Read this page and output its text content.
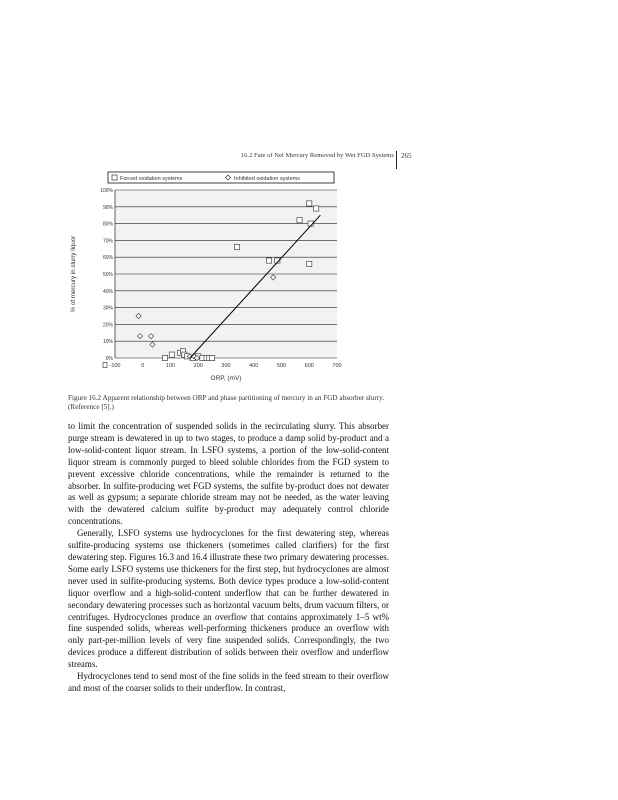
16.2 Fate of Net Mercury Removed by Wet FGD Systems 265
Forced oxidation systems	Inhibited oxidation systems
0%
10%
20%
30%
40%
50%
60%
70%
80%
90%
100%
-100	0	100	200	300	400	500	600	700
% of mercury in slurry liquor
ORP, (mV)
Figure 16.2 Apparent relationship between ORP and phase partitioning of mercury in an FGD absorber slurry. (Reference [5].)

to limit the concentration of suspended solids in the recirculating slurry. This absorber purge stream is dewatered in up to two stages, to produce a damp solid by-product and a low-solid-content liquor stream. In LSFO systems, a portion of the low-solid-content liquor stream is commonly purged to bleed soluble chlorides from the FGD system to prevent excessive chloride concentrations, while the remainder is returned to the absorber. In sulfite-producing wet FGD systems, the sulfite by-product does not dewater as well as gypsum; a separate chloride stream may not be needed, as the water leaving with the dewatered calcium sulfite by-product may adequately control chloride concentrations.

Generally, LSFO systems use hydrocyclones for the first dewatering step, whereas sulfite-producing systems use thickeners (sometimes called clarifiers) for the first dewatering step. Figures 16.3 and 16.4 illustrate these two primary dewatering processes. Some early LSFO systems use thickeners for the first step, but hydrocyclones are almost never used in sulfite-producing systems. Both device types produce a low-solid-content liquor overflow and a high-solid-content underflow that can be further dewatered in secondary dewatering processes such as horizontal vacuum belts, drum vacuum filters, or centrifuges. Hydrocyclones produce an overflow that contains approximately 1–5 wt% fine suspended solids, whereas well-performing thickeners produce an overflow with only part-per-million levels of very fine suspended solids. Correspondingly, the two devices produce a different distribution of solids between their overflow and underflow streams.

Hydrocyclones tend to send most of the fine solids in the feed stream to their overflow and most of the coarser solids to their underflow. In contrast,
